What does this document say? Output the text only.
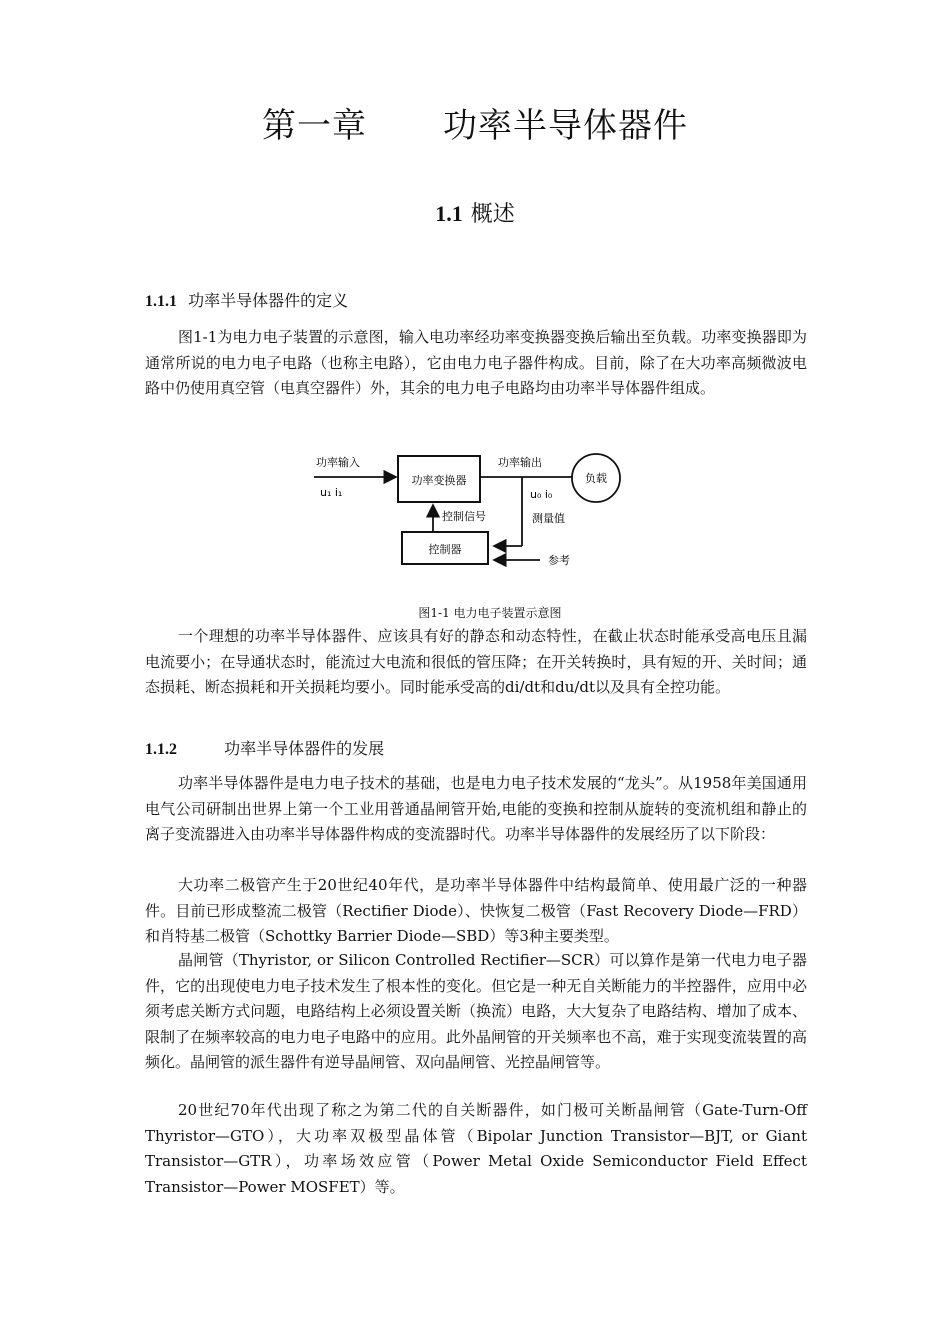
第一章 功率半导体器件
1.1 概述
1.1.1 功率半导体器件的定义

图1-1为电力电子装置的示意图，输入电功率经功率变换器变换后输出至负载。功率变换器即为通常所说的电力电子电路（也称主电路），它由电力电子器件构成。目前，除了在大功率高频微波电路中仍使用真空管（电真空器件）外，其余的电力电子电路均由功率半导体器件组成。

功率变换器
功率输入
u₁ i₁
功率输出
负载
u₀ i₀
测量值
控制器
控制信号
参考
图1-1 电力电子装置示意图

一个理想的功率半导体器件、应该具有好的静态和动态特性，在截止状态时能承受高电压且漏电流要小；在导通状态时，能流过大电流和很低的管压降；在开关转换时，具有短的开、关时间；通态损耗、断态损耗和开关损耗均要小。同时能承受高的di/dt和du/dt以及具有全控功能。

1.1.2	功率半导体器件的发展

功率半导体器件是电力电子技术的基础，也是电力电子技术发展的“龙头”。从1958年美国通用电气公司研制出世界上第一个工业用普通晶闸管开始,电能的变换和控制从旋转的变流机组和静止的离子变流器进入由功率半导体器件构成的变流器时代。功率半导体器件的发展经历了以下阶段：

大功率二极管产生于20世纪40年代，是功率半导体器件中结构最简单、使用最广泛的一种器件。目前已形成整流二极管（Rectifier Diode）、快恢复二极管（Fast Recovery Diode—FRD）和肖特基二极管（Schottky Barrier Diode—SBD）等3种主要类型。

晶闸管（Thyristor, or Silicon Controlled Rectifier—SCR）可以算作是第一代电力电子器件，它的出现使电力电子技术发生了根本性的变化。但它是一种无自关断能力的半控器件，应用中必须考虑关断方式问题，电路结构上必须设置关断（换流）电路，大大复杂了电路结构、增加了成本、限制了在频率较高的电力电子电路中的应用。此外晶闸管的开关频率也不高，难于实现变流装置的高频化。晶闸管的派生器件有逆导晶闸管、双向晶闸管、光控晶闸管等。

20世纪70年代出现了称之为第二代的自关断器件，如门极可关断晶闸管（Gate-Turn-Off Thyristor—GTO），大功率双极型晶体管（Bipolar Junction Transistor—BJT, or Giant Transistor—GTR），功率场效应管（Power Metal Oxide Semiconductor Field Effect Transistor—Power MOSFET）等。
